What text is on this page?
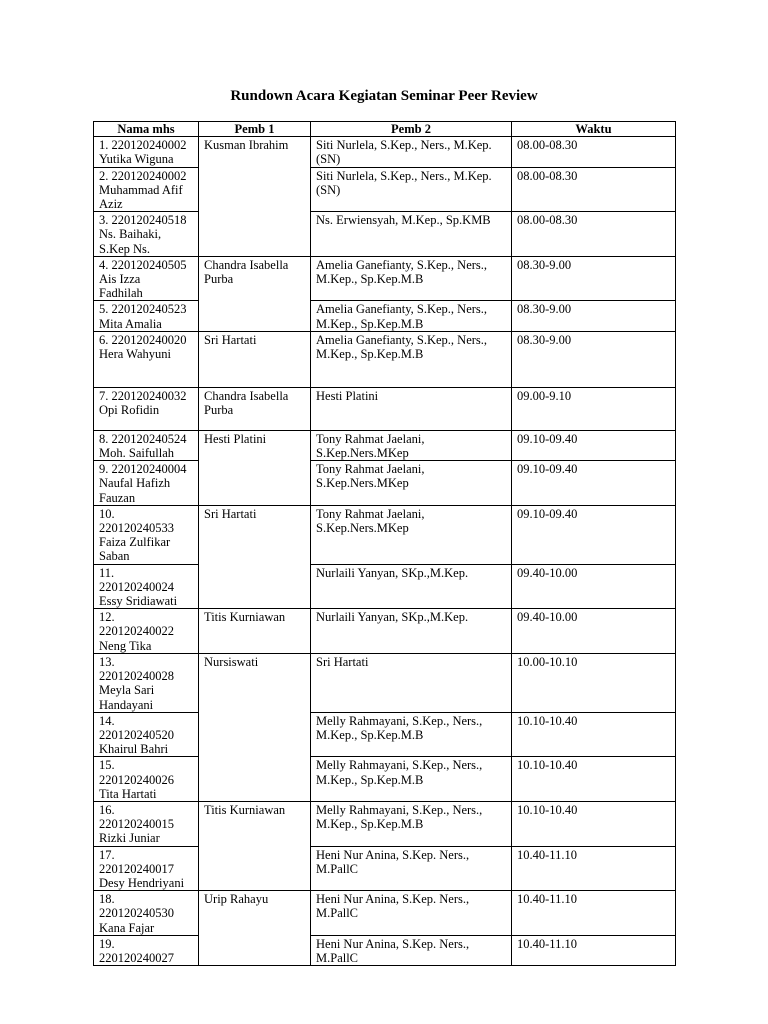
Rundown Acara Kegiatan Seminar Peer Review
Nama mhs	Pemb 1	Pemb 2	Waktu

1. 220120240002
Yutika Wiguna	Kusman Ibrahim	Siti Nurlela, S.Kep., Ners., M.Kep.
(SN)	08.00-08.30

2. 220120240002
Muhammad Afif
Aziz		Siti Nurlela, S.Kep., Ners., M.Kep.
(SN)	08.00-08.30

3. 220120240518
Ns. Baihaki,
S.Kep Ns.		Ns. Erwiensyah, M.Kep., Sp.KMB	08.00-08.30

4. 220120240505
Ais Izza
Fadhilah	Chandra Isabella
Purba	Amelia Ganefianty, S.Kep., Ners.,
M.Kep., Sp.Kep.M.B	08.30-9.00

5. 220120240523
Mita Amalia		Amelia Ganefianty, S.Kep., Ners.,
M.Kep., Sp.Kep.M.B	08.30-9.00

6. 220120240020
Hera Wahyuni	Sri Hartati	Amelia Ganefianty, S.Kep., Ners.,
M.Kep., Sp.Kep.M.B	08.30-9.00

7. 220120240032
Opi Rofidin	Chandra Isabella
Purba	Hesti Platini	09.00-9.10

8. 220120240524
Moh. Saifullah	Hesti Platini	Tony Rahmat Jaelani,
S.Kep.Ners.MKep	09.10-09.40

9. 220120240004
Naufal Hafizh
Fauzan		Tony Rahmat Jaelani,
S.Kep.Ners.MKep	09.10-09.40

10.
220120240533
Faiza Zulfikar
Saban	Sri Hartati	Tony Rahmat Jaelani,
S.Kep.Ners.MKep	09.10-09.40

11.
220120240024
Essy Sridiawati		Nurlaili Yanyan, SKp.,M.Kep.	09.40-10.00

12.
220120240022
Neng Tika	Titis Kurniawan	Nurlaili Yanyan, SKp.,M.Kep.	09.40-10.00

13.
220120240028
Meyla Sari
Handayani	Nursiswati	Sri Hartati	10.00-10.10

14.
220120240520
Khairul Bahri		Melly Rahmayani, S.Kep., Ners.,
M.Kep., Sp.Kep.M.B	10.10-10.40

15.
220120240026
Tita Hartati		Melly Rahmayani, S.Kep., Ners.,
M.Kep., Sp.Kep.M.B	10.10-10.40

16.
220120240015
Rizki Juniar	Titis Kurniawan	Melly Rahmayani, S.Kep., Ners.,
M.Kep., Sp.Kep.M.B	10.10-10.40

17.
220120240017
Desy Hendriyani		Heni Nur Anina, S.Kep. Ners.,
M.PallC	10.40-11.10

18.
220120240530
Kana Fajar	Urip Rahayu	Heni Nur Anina, S.Kep. Ners.,
M.PallC	10.40-11.10

19.
220120240027		Heni Nur Anina, S.Kep. Ners.,
M.PallC	10.40-11.10
